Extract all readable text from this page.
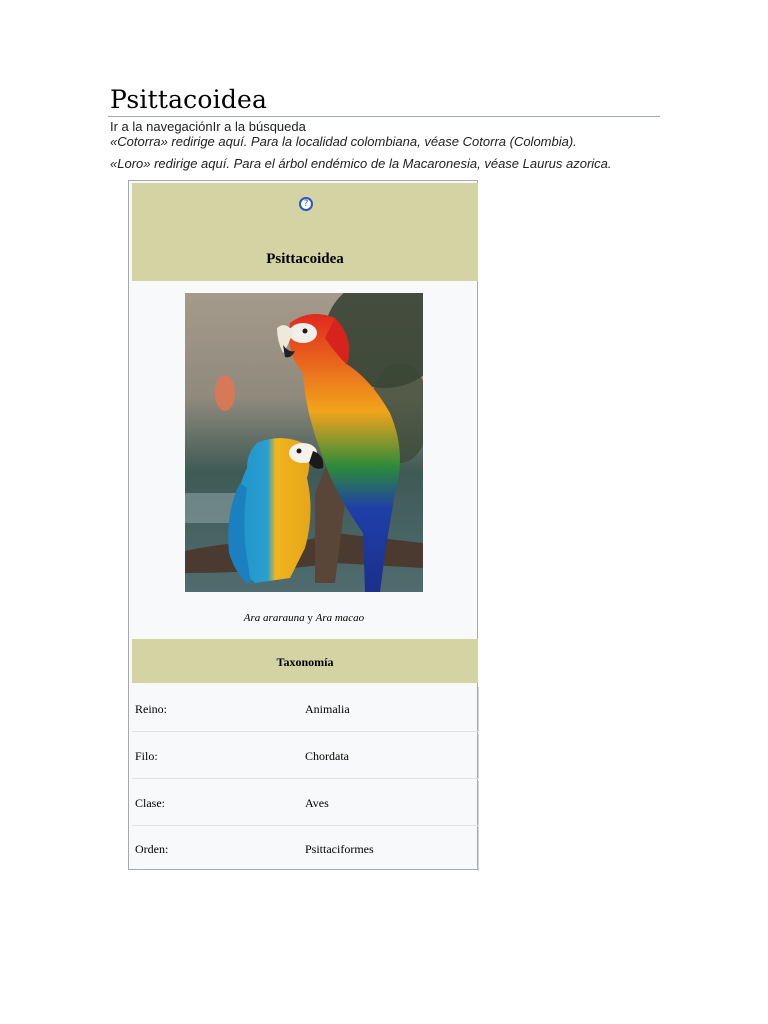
Psittacoidea
Ir a la navegaciónIr a la búsqueda
«Cotorra» redirige aquí. Para la localidad colombiana, véase Cotorra (Colombia).
«Loro» redirige aquí. Para el árbol endémico de la Macaronesia, véase Laurus azorica.
?
Psittacoidea
Ara ararauna y Ara macao
Taxonomía
Reino:	Animalia
Filo:	Chordata
Clase:	Aves
Orden:	Psittaciformes
